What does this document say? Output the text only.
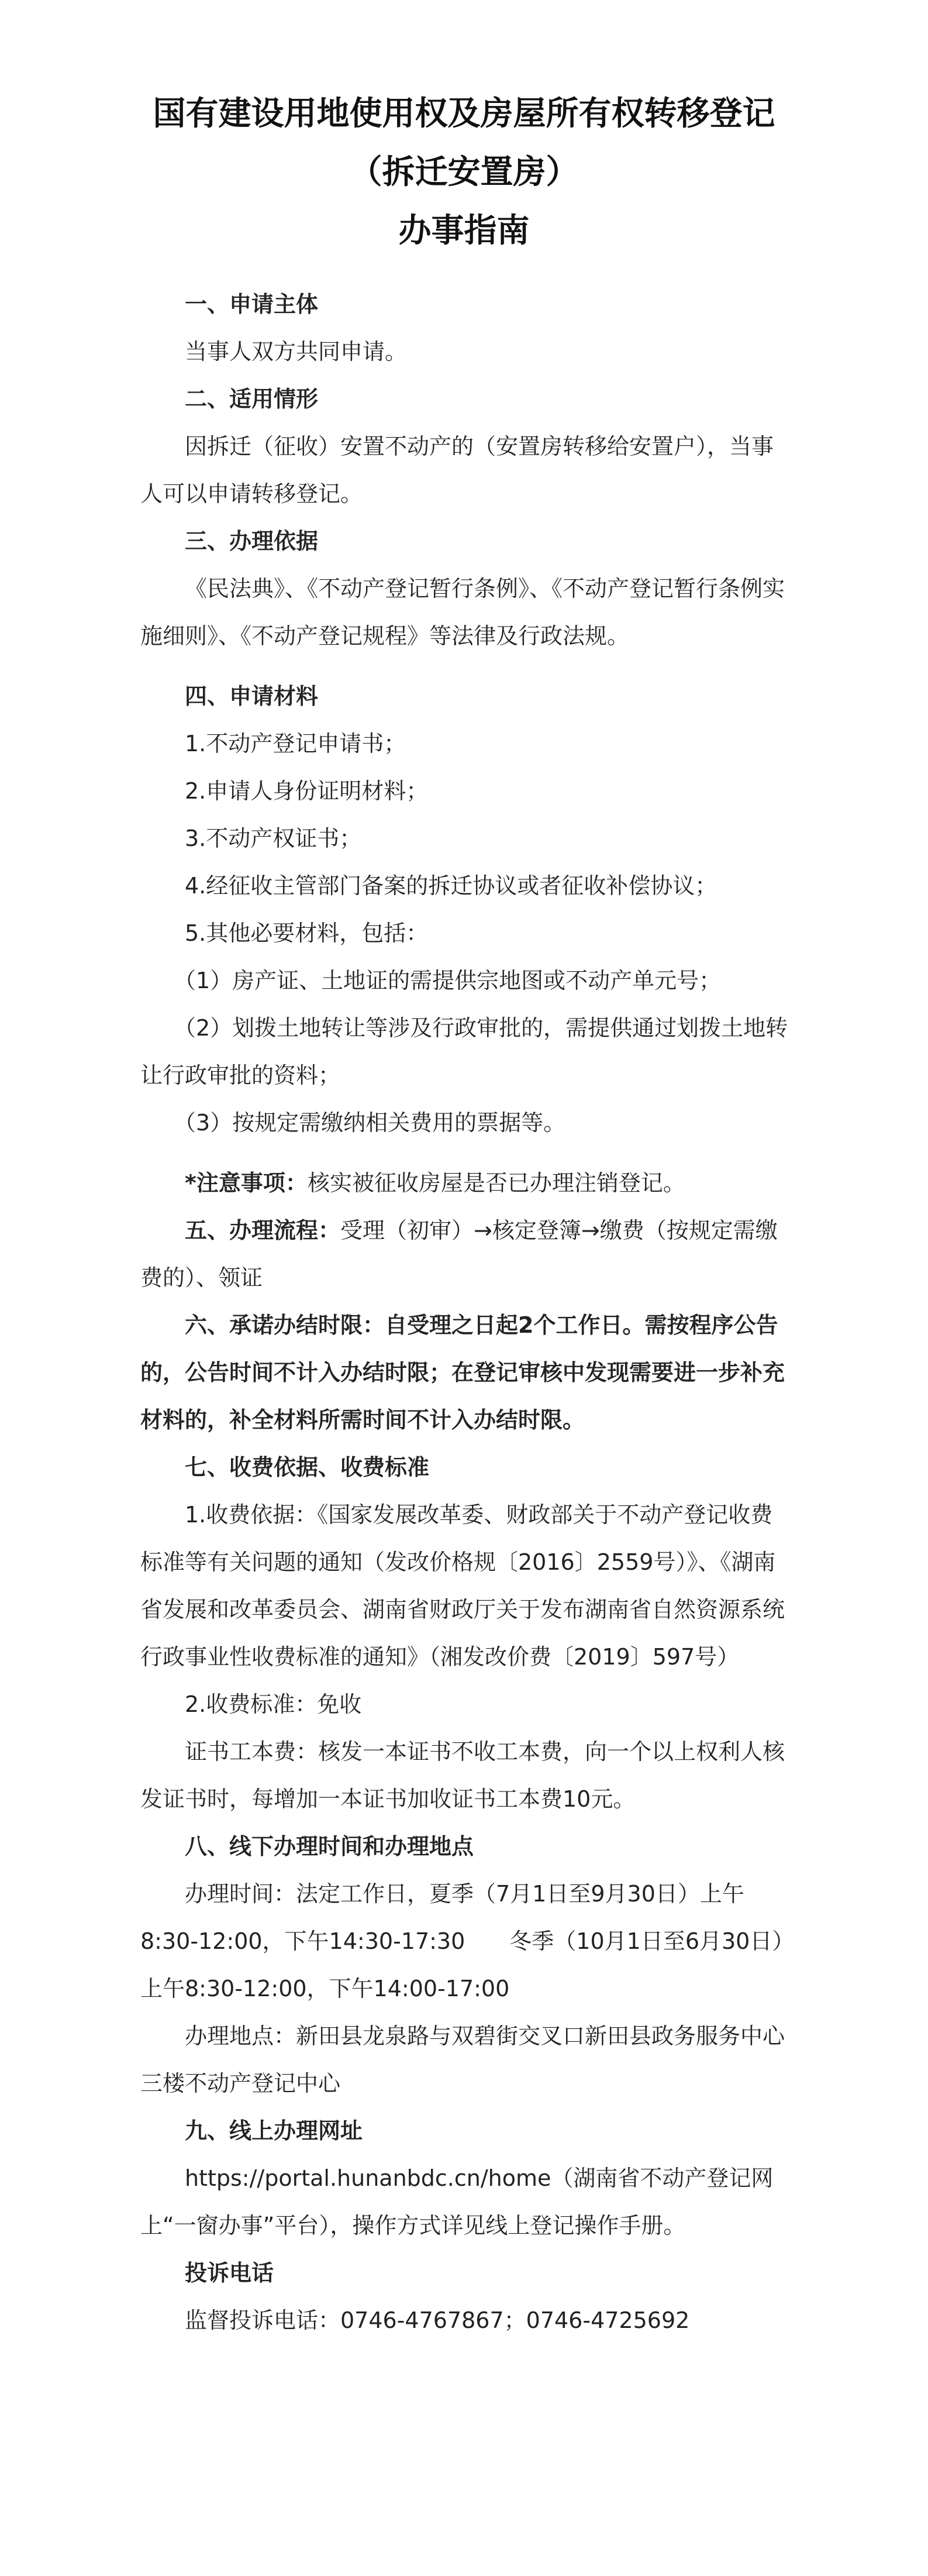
国有建设用地使用权及房屋所有权转移登记
（拆迁安置房）
办事指南

一、申请主体

当事人双方共同申请。

二、适用情形

因拆迁（征收）安置不动产的（安置房转移给安置户），当事人可以申请转移登记。

三、办理依据

《民法典》、《不动产登记暂行条例》、《不动产登记暂行条例实施细则》、《不动产登记规程》等法律及行政法规。

四、申请材料

1.不动产登记申请书；

2.申请人身份证明材料；

3.不动产权证书；

4.经征收主管部门备案的拆迁协议或者征收补偿协议；

5.其他必要材料，包括：

（1）房产证、土地证的需提供宗地图或不动产单元号；

（2）划拨土地转让等涉及行政审批的，需提供通过划拨土地转让行政审批的资料；

（3）按规定需缴纳相关费用的票据等。

*注意事项：核实被征收房屋是否已办理注销登记。

五、办理流程：受理（初审）→核定登簿→缴费（按规定需缴费的）、领证

六、承诺办结时限：自受理之日起2个工作日。需按程序公告的，公告时间不计入办结时限；在登记审核中发现需要进一步补充材料的，补全材料所需时间不计入办结时限。

七、收费依据、收费标准

1.收费依据：《国家发展改革委、财政部关于不动产登记收费标准等有关问题的通知（发改价格规〔2016〕2559号）》、《湖南省发展和改革委员会、湖南省财政厅关于发布湖南省自然资源系统行政事业性收费标准的通知》（湘发改价费〔2019〕597号）

2.收费标准：免收

证书工本费：核发一本证书不收工本费，向一个以上权利人核发证书时，每增加一本证书加收证书工本费10元。

八、线下办理时间和办理地点

办理时间：法定工作日，夏季（7月1日至9月30日）上午8:30-12:00，下午14:30-17:30　　冬季（10月1日至6月30日）上午8:30-12:00，下午14:00-17:00

办理地点：新田县龙泉路与双碧街交叉口新田县政务服务中心三楼不动产登记中心

九、线上办理网址

https://portal.hunanbdc.cn/home（湖南省不动产登记网上“一窗办事”平台），操作方式详见线上登记操作手册。

投诉电话

监督投诉电话：0746-4767867；0746-4725692
